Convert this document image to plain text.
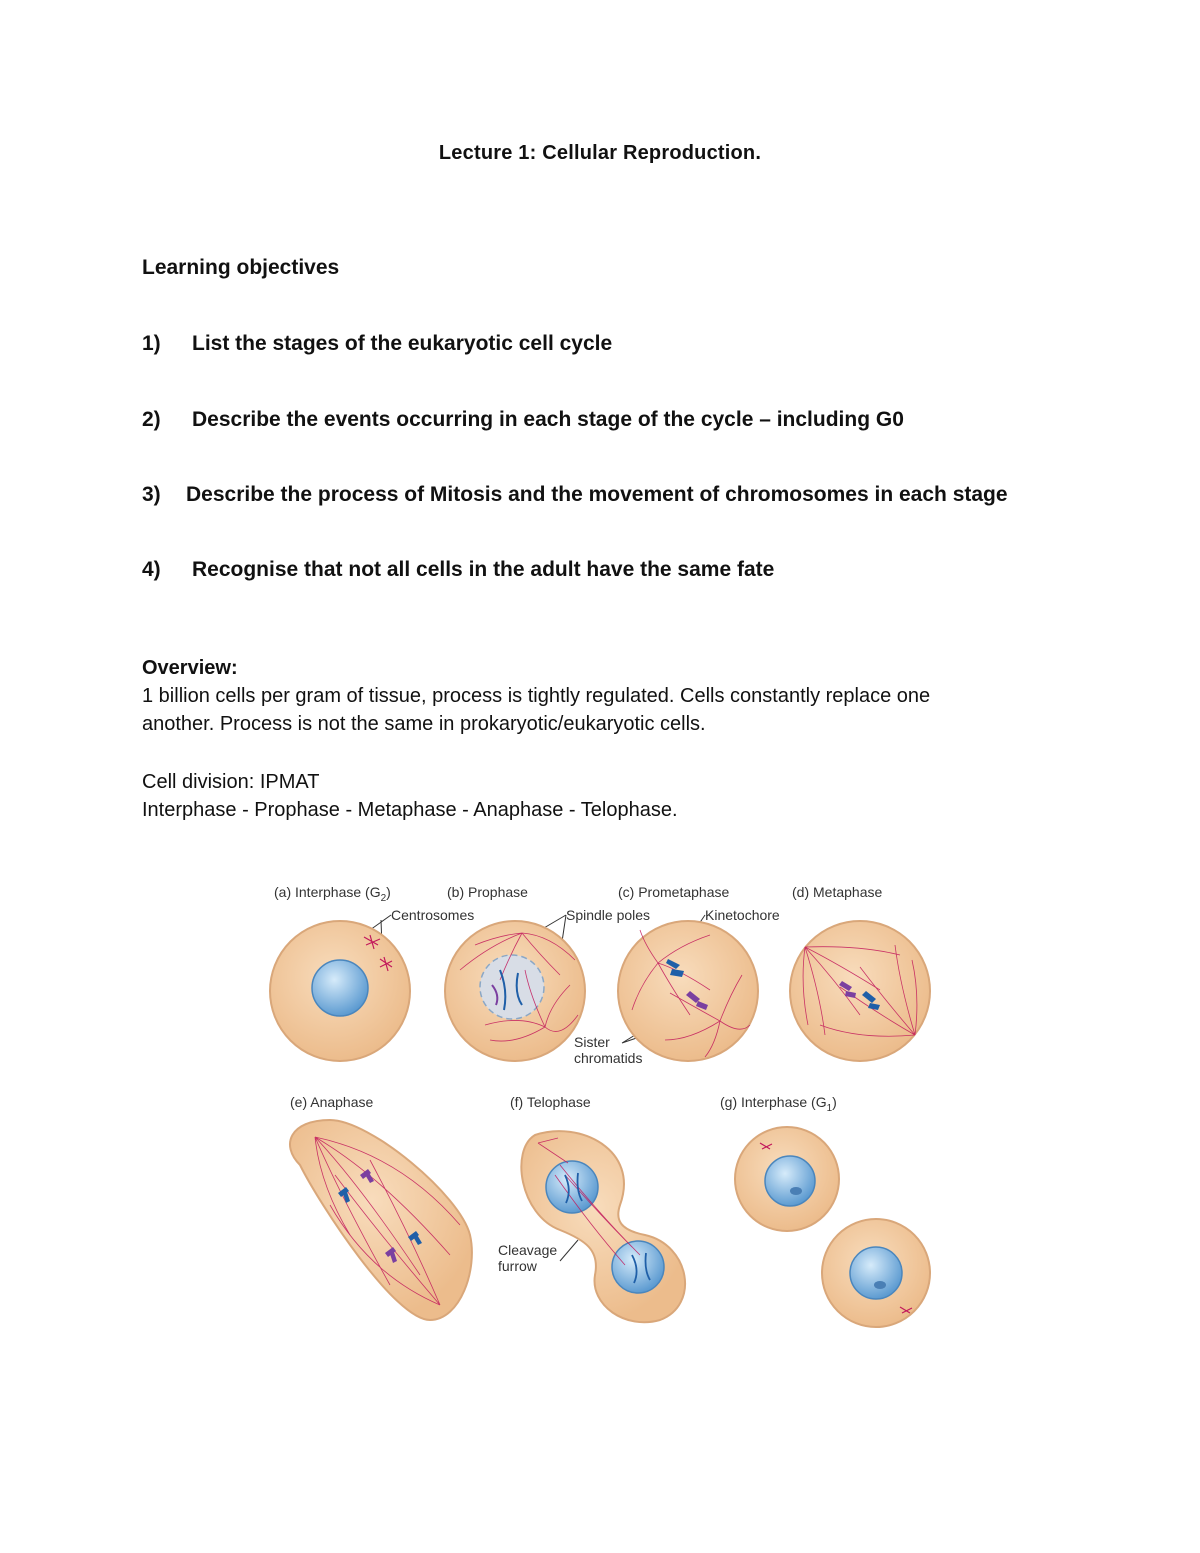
Lecture 1: Cellular Reproduction.
Learning objectives
1) List the stages of the eukaryotic cell cycle
2) Describe the events occurring in each stage of the cycle – including G0
3) Describe the process of Mitosis and the movement of chromosomes in each stage
4) Recognise that not all cells in the adult have the same fate
Overview:
1 billion cells per gram of tissue, process is tightly regulated. Cells constantly replace one
another. Process is not the same in prokaryotic/eukaryotic cells.
Cell division: IPMAT
Interphase - Prophase - Metaphase - Anaphase - Telophase.
(a) Interphase $(G_2)$	(b) Prophase	(c) Prometaphase	(d) Metaphase
(e) Anaphase	(f) Telophase	(g) Interphase $(G_1)$
Centrosomes	Spindle poles	Kinetochore
Sister
chromatids
Cleavage
furrow
